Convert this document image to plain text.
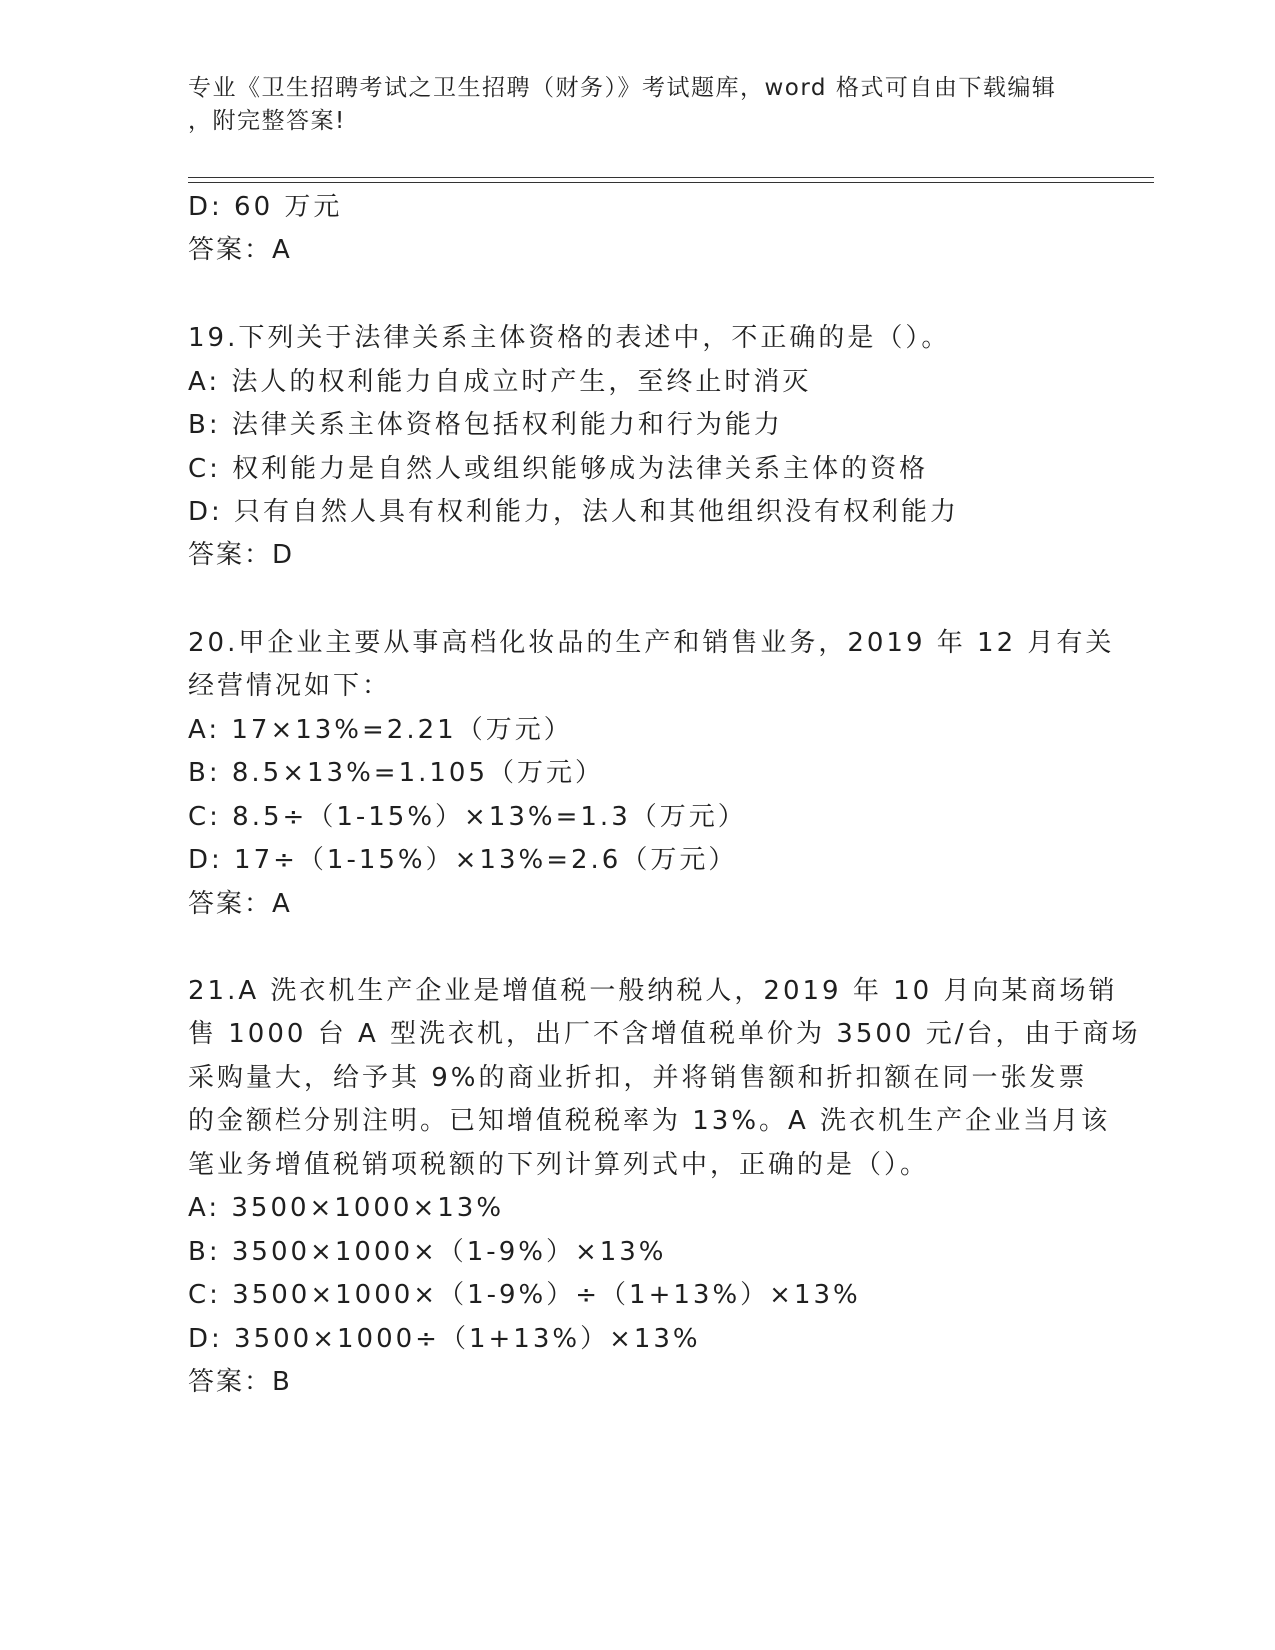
专业《卫生招聘考试之卫生招聘（财务）》考试题库，word 格式可自由下载编辑
，附完整答案!
D: 60 万元
答案：A
19.下列关于法律关系主体资格的表述中，不正确的是（）。
A: 法人的权利能力自成立时产生，至终止时消灭
B: 法律关系主体资格包括权利能力和行为能力
C: 权利能力是自然人或组织能够成为法律关系主体的资格
D: 只有自然人具有权利能力，法人和其他组织没有权利能力
答案：D
20.甲企业主要从事高档化妆品的生产和销售业务，2019 年 12 月有关
经营情况如下：
A: 17×13%=2.21（万元）
B: 8.5×13%=1.105（万元）
C: 8.5÷（1-15%）×13%=1.3（万元）
D: 17÷（1-15%）×13%=2.6（万元）
答案：A
21.A 洗衣机生产企业是增值税一般纳税人，2019 年 10 月向某商场销
售 1000 台 A 型洗衣机，出厂不含增值税单价为 3500 元/台，由于商场
采购量大，给予其 9%的商业折扣，并将销售额和折扣额在同一张发票
的金额栏分别注明。已知增值税税率为 13%。A 洗衣机生产企业当月该
笔业务增值税销项税额的下列计算列式中，正确的是（）。
A: 3500×1000×13%
B: 3500×1000×（1-9%）×13%
C: 3500×1000×（1-9%）÷（1+13%）×13%
D: 3500×1000÷（1+13%）×13%
答案：B
